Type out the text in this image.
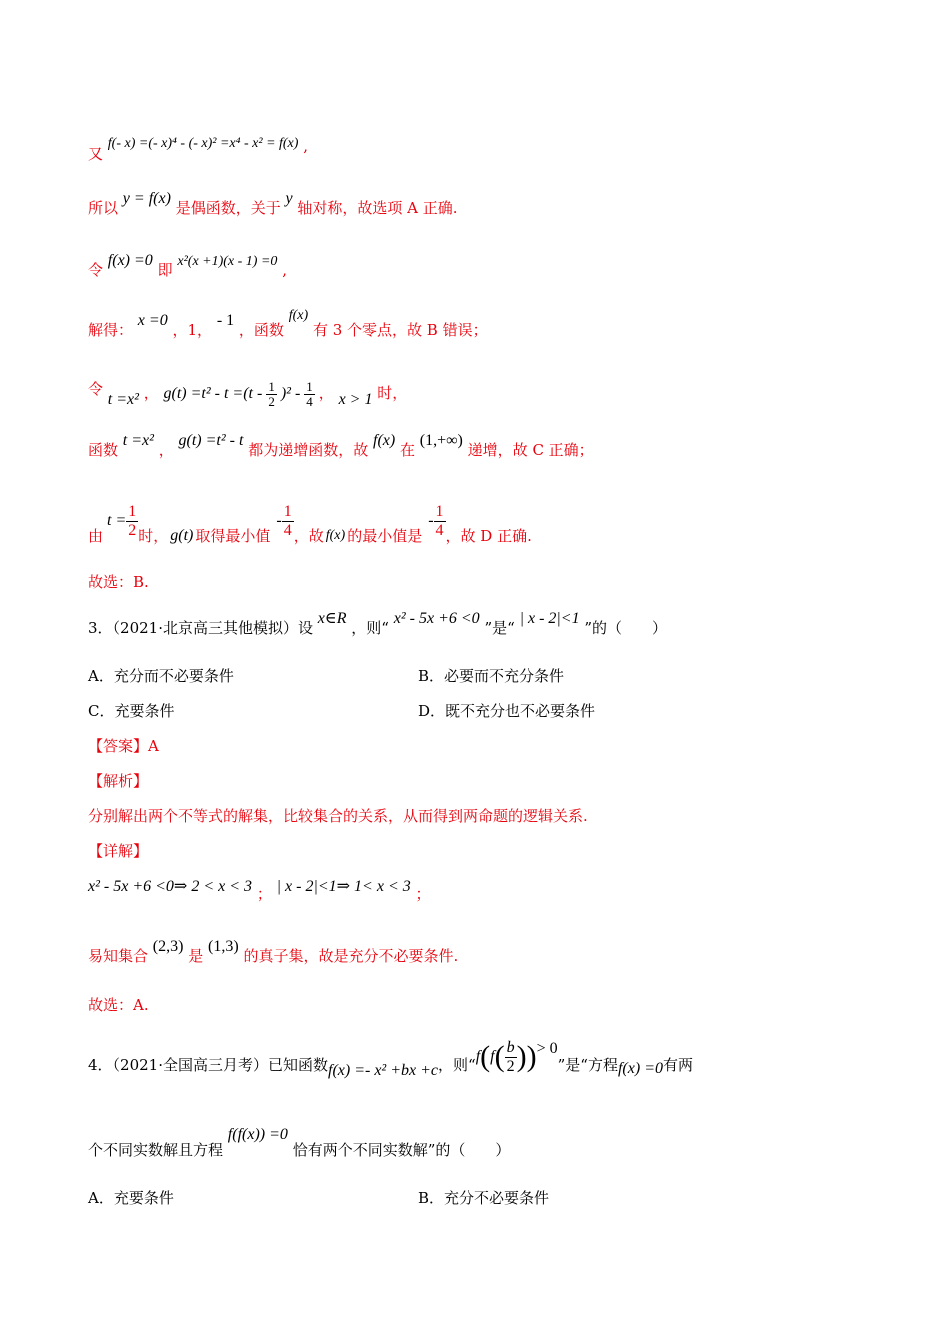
又 f(- x) =(- x)⁴ - (- x)² =x⁴ - x² = f(x) ,
所以 y = f(x) 是偶函数，关于 y 轴对称，故选项 A 正确.
令 f(x) =0 即 x²(x +1)(x - 1) =0 ,
解得： x =0 ，1， - 1 ，函数 f(x) 有 3 个零点，故 B 错误；
令 t =x² ， $g(t) =t^2 - t =(t - \frac{1}{2} )^2 - \frac{1}{4}$ ， x > 1 时，
函数 t =x² ， g(t) =t² - t 都为递增函数，故 f(x) 在 (1,+∞) 递增，故 C 正确；
由
$t = \frac{1}{2}$ 时， g(t) 取得最小值
- $\frac{1}{4}$ ，故 f(x) 的最小值是
- $\frac{1}{4}$ ，故 D 正确.
故选：B.
3．（2021·北京高三其他模拟）设 x∈R ，则“ x² - 5x +6 <0 ”是“ | x - 2|<1 ”的（　　）
A．充分而不必要条件	B．必要而不充分条件
C．充要条件	D．既不充分也不必要条件
【答案】A
【解析】
分别解出两个不等式的解集，比较集合的关系，从而得到两命题的逻辑关系.
【详解】
x² - 5x +6 <0⇒ 2 < x < 3 ； | x - 2|<1⇒ 1< x < 3 ；
易知集合 (2,3) 是 (1,3) 的真子集，故是充分不必要条件.
故选：A.
4．（2021·全国高三月考）已知函数 f(x) =- x² +bx +c ，则“ f ( f ( $\frac{b}{2}$ ) ) > 0
”是“方程 f(x) =0 有两
个不同实数解且方程 f(f(x)) =0 恰有两个不同实数解”的（　　）
A．充要条件	B．充分不必要条件
